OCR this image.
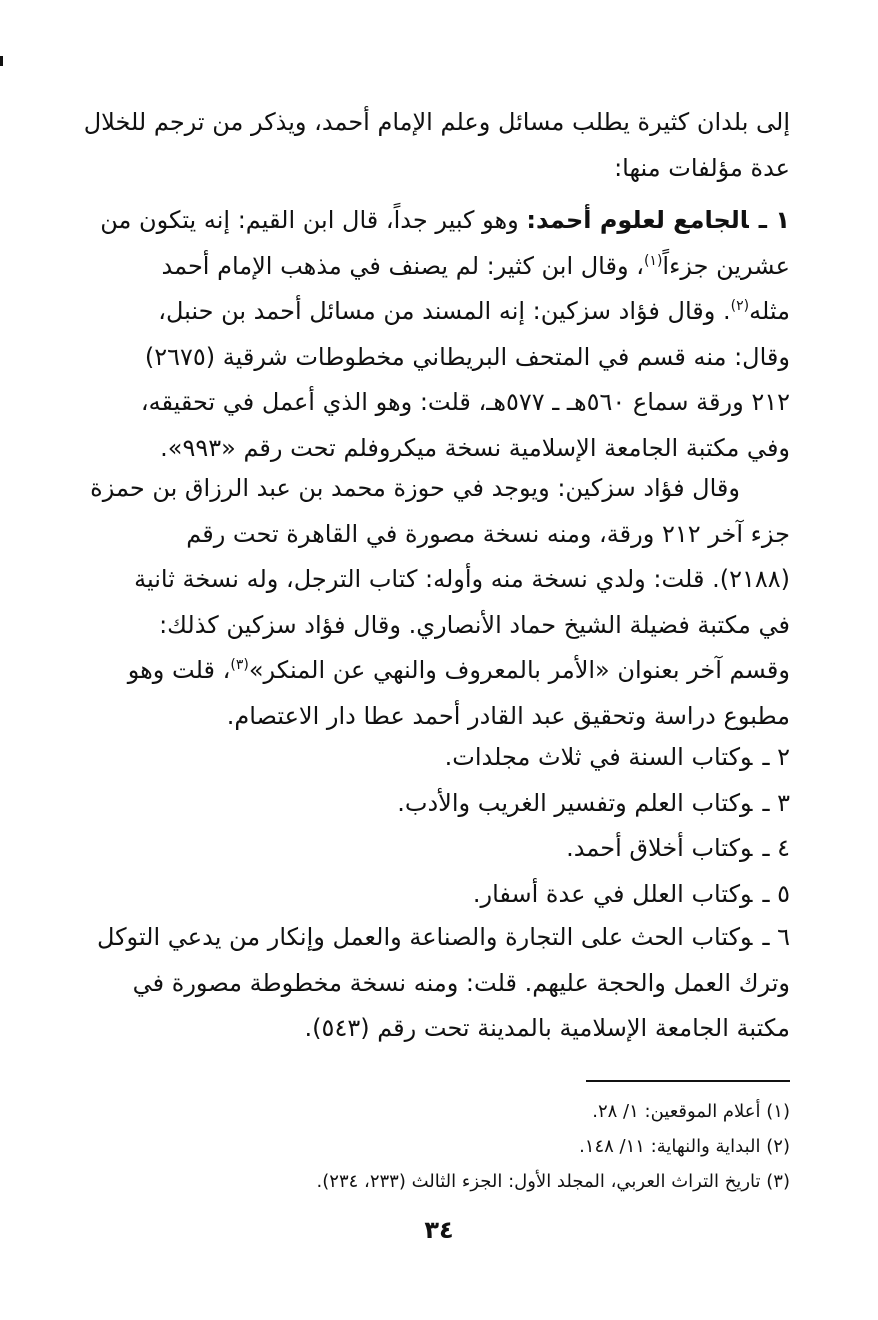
إلى بلدان كثيرة يطلب مسائل وعلم الإمام أحمد، ويذكر من ترجم للخلال
عدة مؤلفات منها:
١ ـالجامع لعلوم أحمد: وهو كبير جداً، قال ابن القيم: إنه يتكون من
عشرين جزءاً$^{(١)}$، وقال ابن كثير: لم يصنف في مذهب الإمام أحمد
مثله$^{(٢)}$. وقال فؤاد سزكين: إنه المسند من مسائل أحمد بن حنبل،
وقال: منه قسم في المتحف البريطاني مخطوطات شرقية (٢٦٧٥)
٢١٢ ورقة سماع ٥٦٠هـ ـ ٥٧٧هـ، قلت: وهو الذي أعمل في تحقيقه،
وفي مكتبة الجامعة الإسلامية نسخة ميكروفلم تحت رقم «٩٩٣».
وقال فؤاد سزكين: ويوجد في حوزة محمد بن عبد الرزاق بن حمزة
جزء آخر ٢١٢ ورقة، ومنه نسخة مصورة في القاهرة تحت رقم
(٢١٨٨). قلت: ولدي نسخة منه وأوله: كتاب الترجل، وله نسخة ثانية
في مكتبة فضيلة الشيخ حماد الأنصاري. وقال فؤاد سزكين كذلك:
وقسم آخر بعنوان «الأمر بالمعروف والنهي عن المنكر»$^{(٣)}$، قلت وهو
مطبوع دراسة وتحقيق عبد القادر أحمد عطا دار الاعتصام.
٢ ـوكتاب السنة في ثلاث مجلدات.
٣ ـوكتاب العلم وتفسير الغريب والأدب.
٤ ـوكتاب أخلاق أحمد.
٥ ـوكتاب العلل في عدة أسفار.
٦ ـوكتاب الحث على التجارة والصناعة والعمل وإنكار من يدعي التوكل
وترك العمل والحجة عليهم. قلت: ومنه نسخة مخطوطة مصورة في
مكتبة الجامعة الإسلامية بالمدينة تحت رقم (٥٤٣).
(١) أعلام الموقعين: ١/ ٢٨.
(٢) البداية والنهاية: ١١/ ١٤٨.
(٣) تاريخ التراث العربي، المجلد الأول: الجزء الثالث (٢٣٣، ٢٣٤).
٣٤
